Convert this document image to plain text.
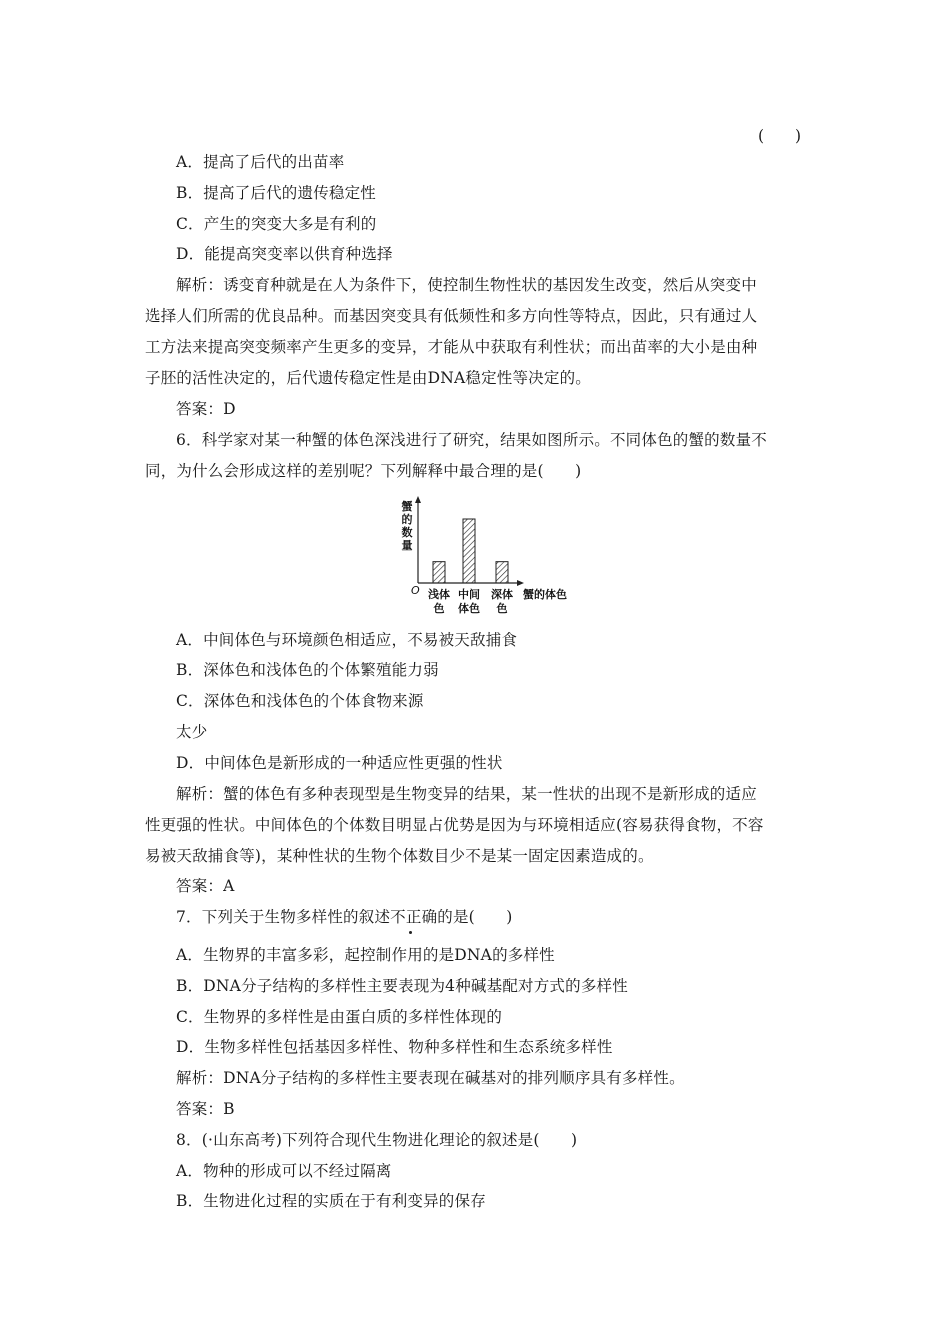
(　　)
A．提高了后代的出苗率
B．提高了后代的遗传稳定性
C．产生的突变大多是有利的
D．能提高突变率以供育种选择
解析：诱变育种就是在人为条件下，使控制生物性状的基因发生改变，然后从突变中
选择人们所需的优良品种。而基因突变具有低频性和多方向性等特点，因此，只有通过人
工方法来提高突变频率产生更多的变异，才能从中获取有利性状；而出苗率的大小是由种
子胚的活性决定的，后代遗传稳定性是由DNA稳定性等决定的。
答案：D
6．科学家对某一种蟹的体色深浅进行了研究，结果如图所示。不同体色的蟹的数量不
同，为什么会形成这样的差别呢？下列解释中最合理的是(　　)
蟹
的
数
量
O 浅体
色
中间
体色
深体
色
蟹的体色
A．中间体色与环境颜色相适应，不易被天敌捕食
B．深体色和浅体色的个体繁殖能力弱
C．深体色和浅体色的个体食物来源
太少
D．中间体色是新形成的一种适应性更强的性状
解析：蟹的体色有多种表现型是生物变异的结果，某一性状的出现不是新形成的适应
性更强的性状。中间体色的个体数目明显占优势是因为与环境相适应(容易获得食物，不容
易被天敌捕食等)，某种性状的生物个体数目少不是某一固定因素造成的。
答案：A
7．下列关于生物多样性的叙述不正确的是(　　)
A．生物界的丰富多彩，起控制作用的是DNA的多样性
B．DNA分子结构的多样性主要表现为4种碱基配对方式的多样性
C．生物界的多样性是由蛋白质的多样性体现的
D．生物多样性包括基因多样性、物种多样性和生态系统多样性
解析：DNA分子结构的多样性主要表现在碱基对的排列顺序具有多样性。
答案：B
8．(·山东高考)下列符合现代生物进化理论的叙述是(　　)
A．物种的形成可以不经过隔离
B．生物进化过程的实质在于有利变异的保存
